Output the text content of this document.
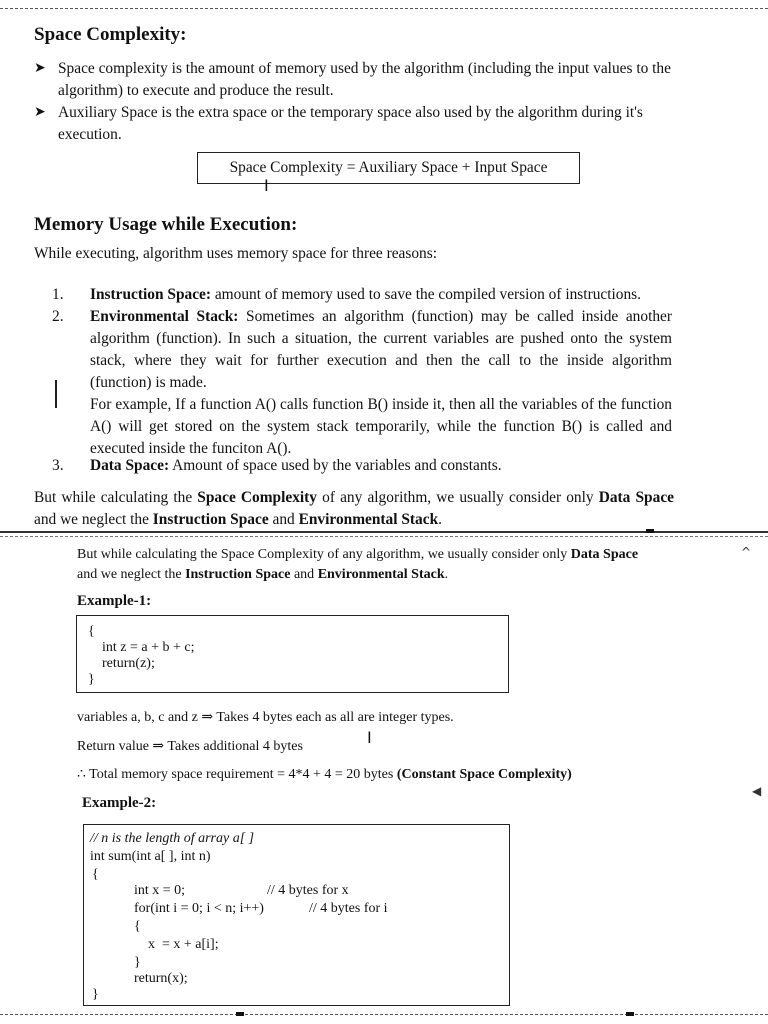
Space Complexity:
➤ Space complexity is the amount of memory used by the algorithm (including the input values to the algorithm) to execute and produce the result.
➤ Auxiliary Space is the extra space or the temporary space also used by the algorithm during it's execution.
Space Complexity = Auxiliary Space + Input Space
I
Memory Usage while Execution:
While executing, algorithm uses memory space for three reasons:
1. Instruction Space: amount of memory used to save the compiled version of instructions.

2. Environmental Stack: Sometimes an algorithm (function) may be called inside another algorithm (function). In such a situation, the current variables are pushed onto the system stack, where they wait for further execution and then the call to the inside algorithm (function) is made.

For example, If a function A() calls function B() inside it, then all the variables of the function A() will get stored on the system stack temporarily, while the function B() is called and executed inside the funciton A().

3. Data Space: Amount of space used by the variables and constants.

But while calculating the Space Complexity of any algorithm, we usually consider only Data Space and we neglect the Instruction Space and Environmental Stack.
^
But while calculating the Space Complexity of any algorithm, we usually consider only Data Space and we neglect the Instruction Space and Environmental Stack.
Example-1:
{
int z = a + b + c;
return(z);
}
variables a, b, c and z ⇒ Takes 4 bytes each as all are integer types.
Return value ⇒ Takes additional 4 bytes	I
∴ Total memory space requirement = 4*4 + 4 = 20 bytes (Constant Space Complexity)
◀
Example-2:
// n is the length of array a[ ]
int sum(int a[ ], int n)
{
int x = 0;	// 4 bytes for x
for(int i = 0; i < n; i++)	// 4 bytes for i
{
x  = x + a[i];
}
return(x);
}
